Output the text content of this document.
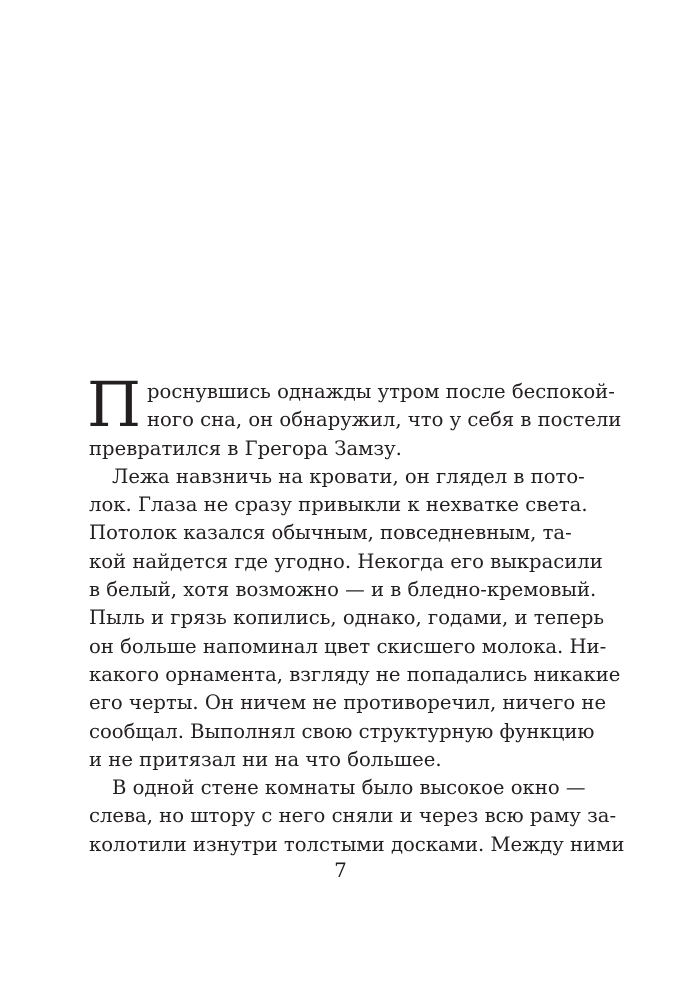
П роснувшись однажды утром после беспокой-
ного сна, он обнаружил, что у себя в постели
превратился в Грегора Замзу.
Лежа навзничь на кровати, он глядел в пото-
лок. Глаза не сразу привыкли к нехватке света.
Потолок казался обычным, повседневным, та-
кой найдется где угодно. Некогда его выкрасили
в белый, хотя возможно — и в бледно-кремовый.
Пыль и грязь копились, однако, годами, и теперь
он больше напоминал цвет скисшего молока. Ни-
какого орнамента, взгляду не попадались никакие
его черты. Он ничем не противоречил, ничего не
сообщал. Выполнял свою структурную функцию
и не притязал ни на что большее.
В одной стене комнаты было высокое окно —
слева, но штору с него сняли и через всю раму за-
колотили изнутри толстыми досками. Между ними
7
